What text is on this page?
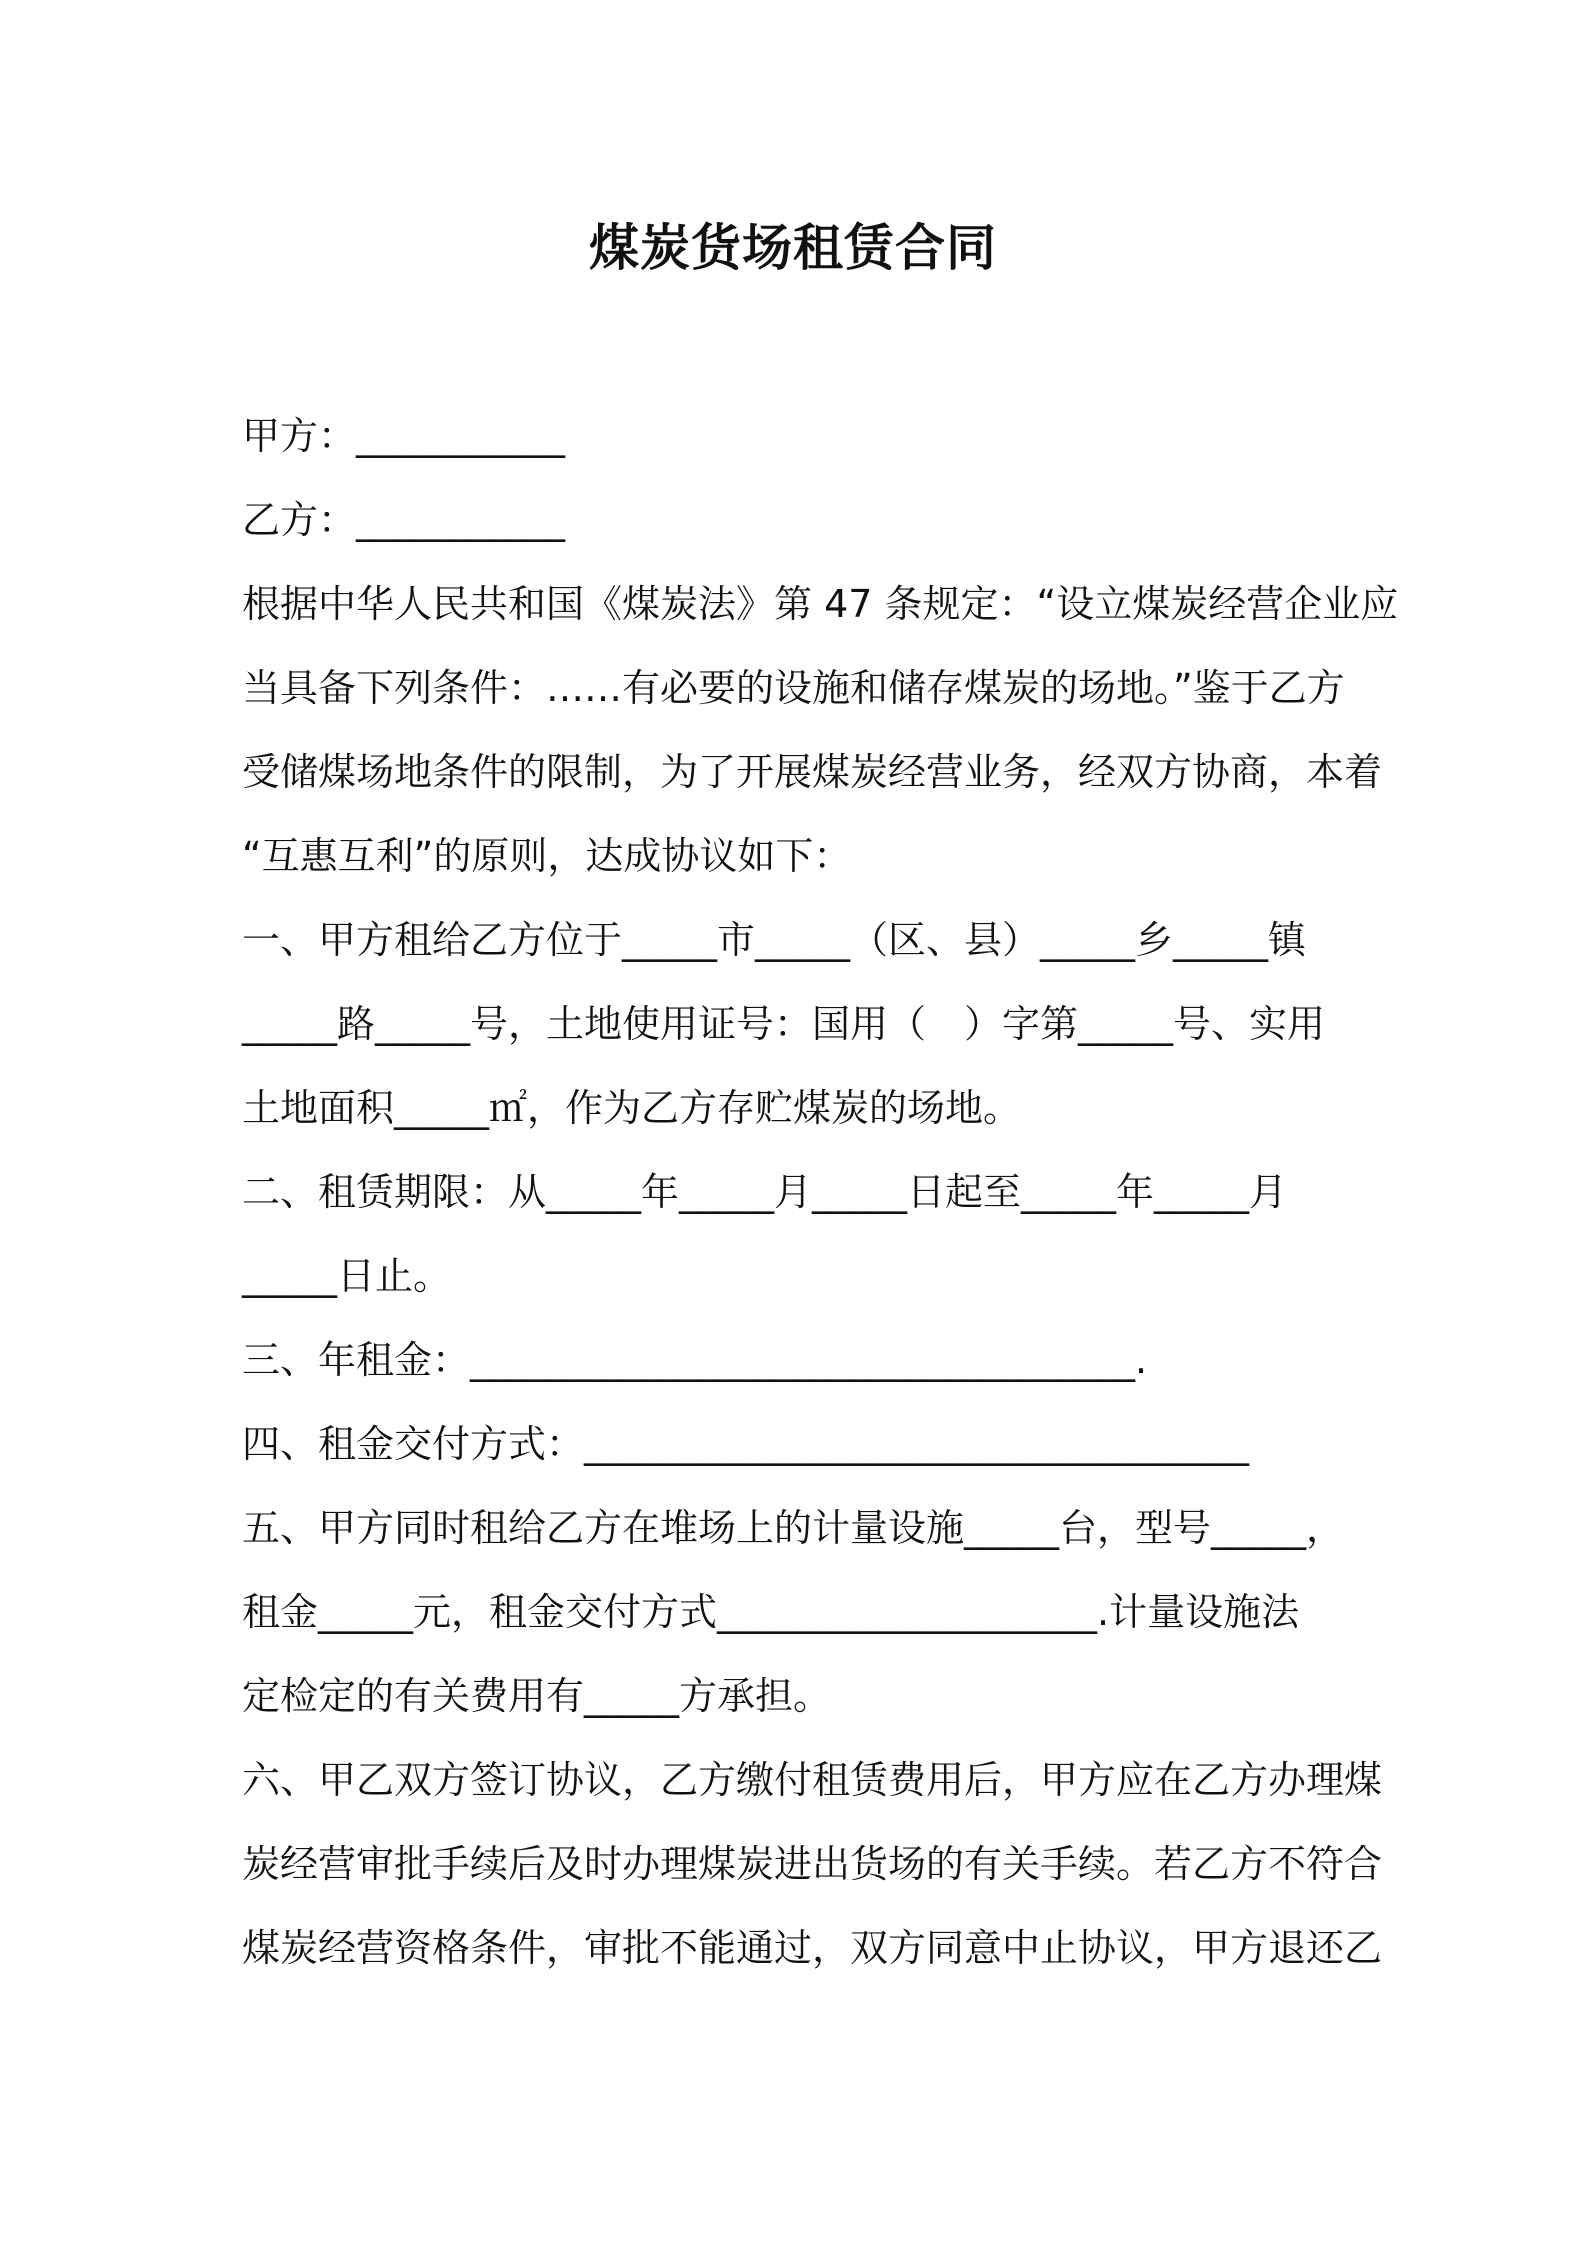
煤炭货场租赁合同
甲方：___________
乙方：___________
根据中华人民共和国《煤炭法》第 47 条规定：“设立煤炭经营企业应
当具备下列条件：……有必要的设施和储存煤炭的场地。”鉴于乙方
受储煤场地条件的限制，为了开展煤炭经营业务，经双方协商，本着
“互惠互利”的原则，达成协议如下：
一、甲方租给乙方位于_____市_____（区、县）_____乡_____镇
_____路_____号，土地使用证号：国用（　）字第_____号、实用
土地面积_____㎡，作为乙方存贮煤炭的场地。
二、租赁期限：从_____年_____月_____日起至_____年_____月
_____日止。
三、年租金：___________________________________.
四、租金交付方式：___________________________________
五、甲方同时租给乙方在堆场上的计量设施_____台，型号_____，
租金_____元，租金交付方式____________________.计量设施法
定检定的有关费用有_____方承担。
六、甲乙双方签订协议，乙方缴付租赁费用后，甲方应在乙方办理煤
炭经营审批手续后及时办理煤炭进出货场的有关手续。若乙方不符合
煤炭经营资格条件，审批不能通过，双方同意中止协议，甲方退还乙
